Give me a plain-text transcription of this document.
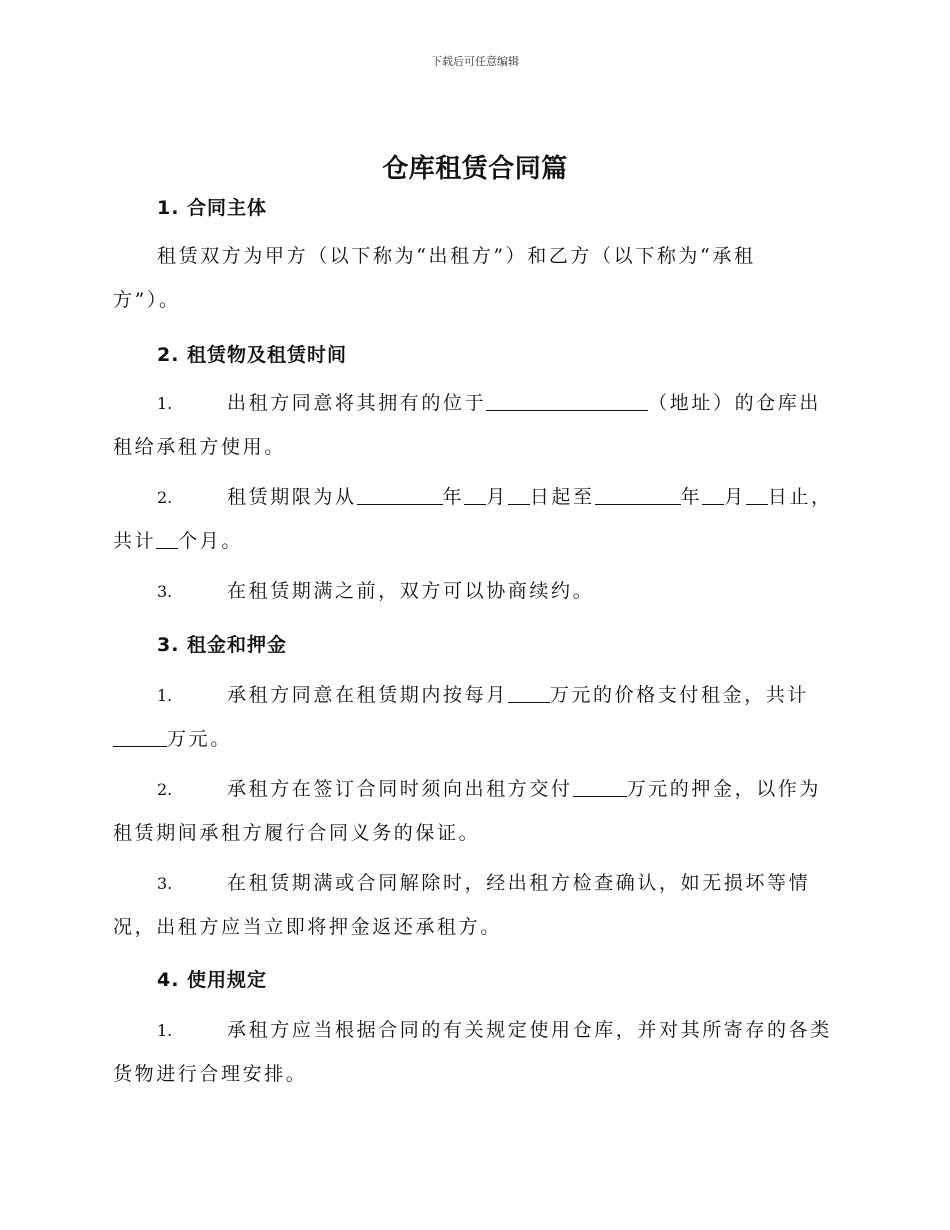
下载后可任意编辑
仓库租赁合同篇
1. 合同主体
租赁双方为甲方（以下称为“出租方”）和乙方（以下称为“承租
方”）。
2. 租赁物及租赁时间
1.	出租方同意将其拥有的位于	（地址）的仓库出
租给承租方使用。
2.	租赁期限为从	年 月 日起至	年 月 日止，
共计 个月。
3.	在租赁期满之前，双方可以协商续约。
3. 租金和押金
1.	承租方同意在租赁期内按每月 万元的价格支付租金，共计
万元。
2.	承租方在签订合同时须向出租方交付	万元的押金，以作为
租赁期间承租方履行合同义务的保证。
3.	在租赁期满或合同解除时，经出租方检查确认，如无损坏等情
况，出租方应当立即将押金返还承租方。
4. 使用规定
1.	承租方应当根据合同的有关规定使用仓库，并对其所寄存的各类
货物进行合理安排。
